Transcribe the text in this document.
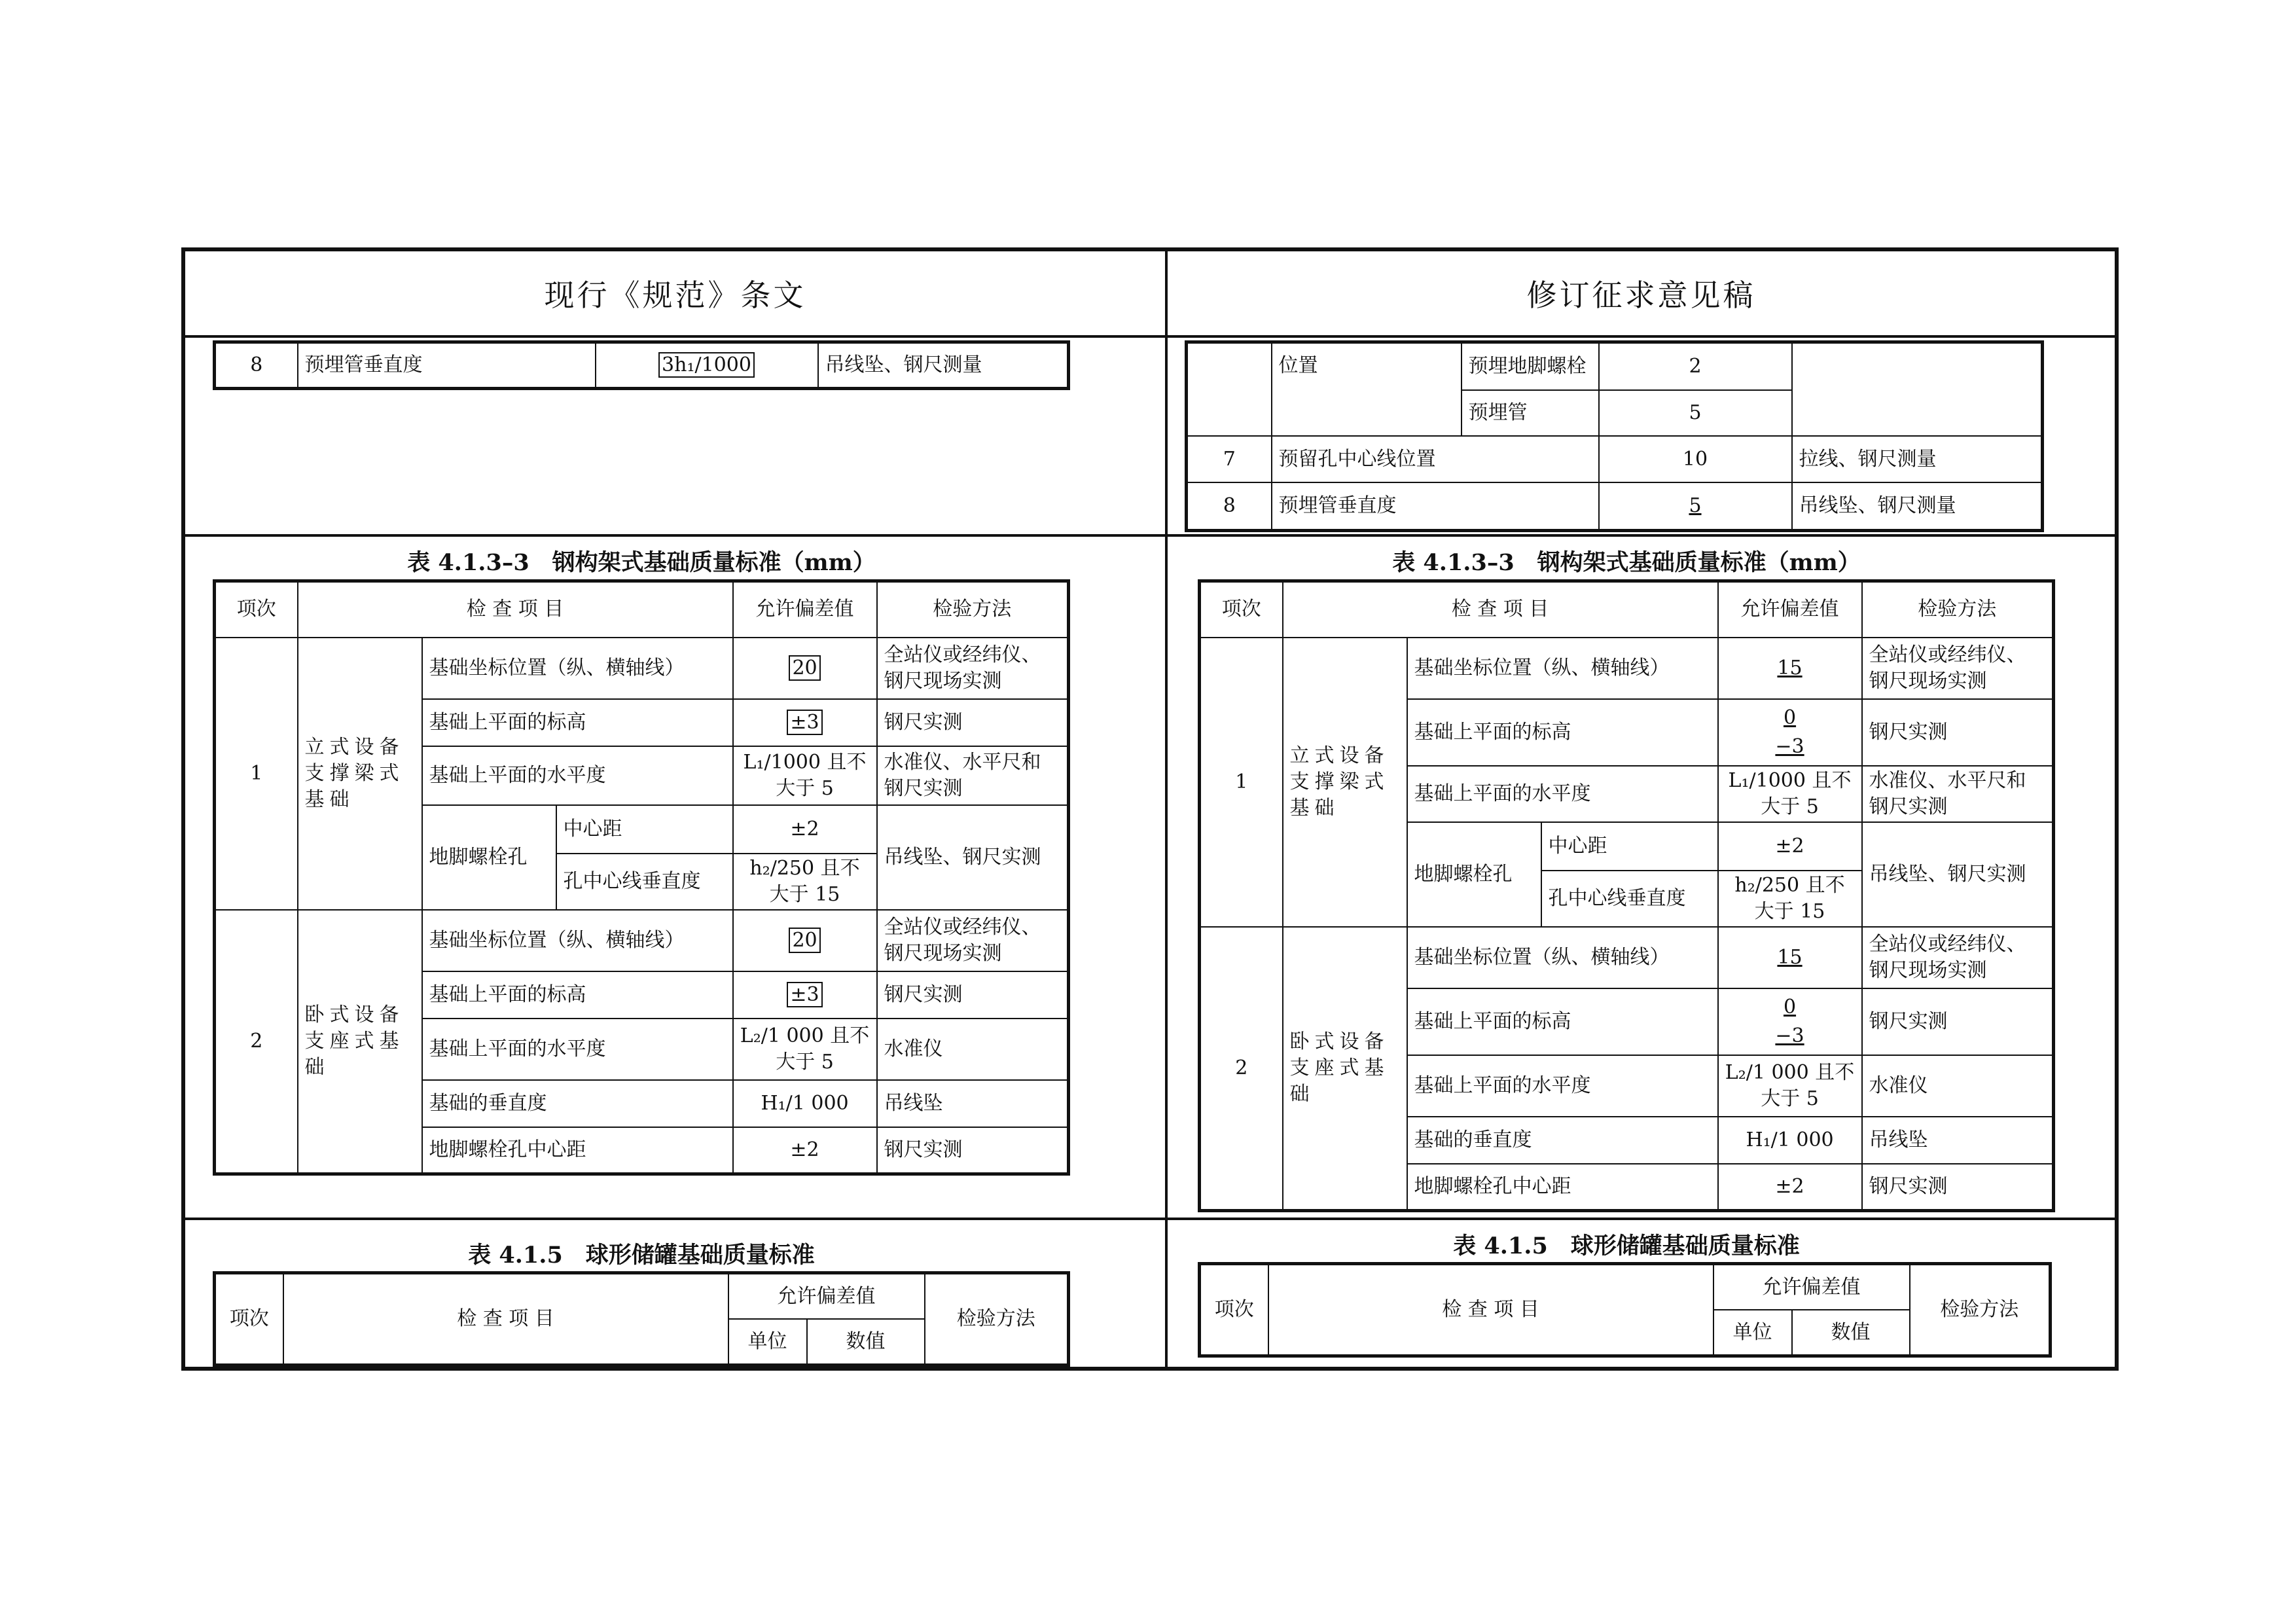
现行《规范》条文	修订征求意见稿
8	预埋管垂直度	3h₁/1000	吊线坠、钢尺测量
		位置	预埋地脚螺栓	2	
		预埋管	5	
7	预留孔中心线位置		10	拉线、钢尺测量
8	预埋管垂直度		5	吊线坠、钢尺测量
表 4.1.3–3　钢构架式基础质量标准（mm）
项次	检 查 项 目			允许偏差值	检验方法
1	立式设备支撑梁式基础	基础坐标位置（纵、横轴线）		20	全站仪或经纬仪、钢尺现场实测
		基础上平面的标高		±3	钢尺实测
		基础上平面的水平度		L₁/1000 且不大于 5	水准仪、水平尺和钢尺实测
		地脚螺栓孔	中心距	±2	吊线坠、钢尺实测
			孔中心线垂直度	h₂/250 且不大于 15	
2	卧式设备支座式基础	基础坐标位置（纵、横轴线）		20	全站仪或经纬仪、钢尺现场实测
		基础上平面的标高		±3	钢尺实测
		基础上平面的水平度		L₂/1 000 且不大于 5	水准仪
		基础的垂直度		H₁/1 000	吊线坠
		地脚螺栓孔中心距		±2	钢尺实测
表 4.1.3–3　钢构架式基础质量标准（mm）
项次	检 查 项 目			允许偏差值	检验方法
1	立式设备支撑梁式基础	基础坐标位置（纵、横轴线）		15	全站仪或经纬仪、钢尺现场实测
		基础上平面的标高		$\frac{0}{-3}$	钢尺实测
		基础上平面的水平度		L₁/1000 且不大于 5	水准仪、水平尺和钢尺实测
		地脚螺栓孔	中心距	±2	吊线坠、钢尺实测
			孔中心线垂直度	h₂/250 且不大于 15	
2	卧式设备支座式基础	基础坐标位置（纵、横轴线）		15	全站仪或经纬仪、钢尺现场实测
		基础上平面的标高		$\frac{0}{-3}$	钢尺实测
		基础上平面的水平度		L₂/1 000 且不大于 5	水准仪
		基础的垂直度		H₁/1 000	吊线坠
		地脚螺栓孔中心距		±2	钢尺实测
表 4.1.5　球形储罐基础质量标准
项次	检 查 项 目	允许偏差值		检验方法
		单位	数值	
表 4.1.5　球形储罐基础质量标准
项次	检 查 项 目	允许偏差值		检验方法
		单位	数值	
